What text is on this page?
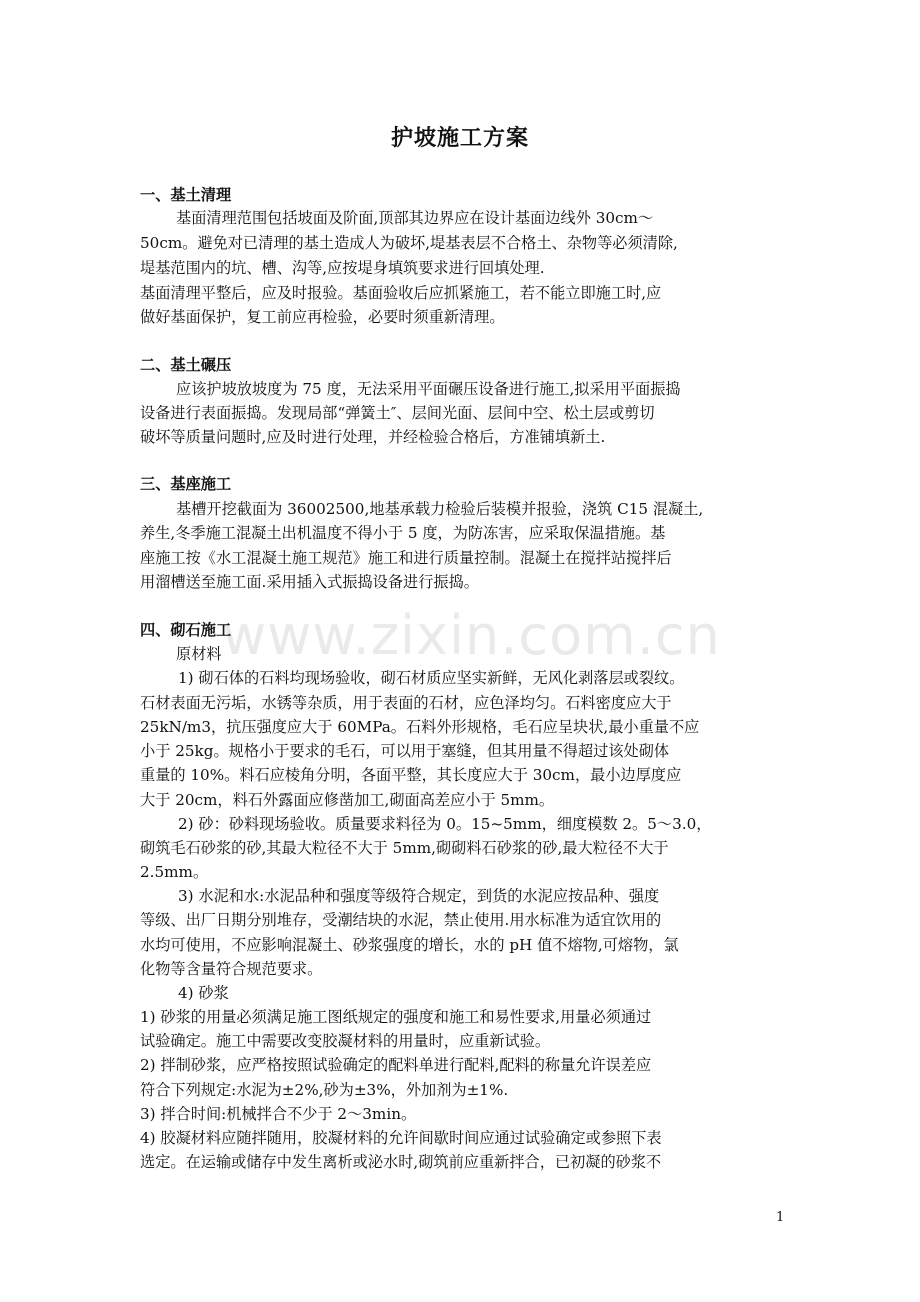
护坡施工方案
www.zixin.com.cn
一、基土清理
基面清理范围包括坡面及阶面,顶部其边界应在设计基面边线外 30cm～
50cm。避免对已清理的基土造成人为破坏,堤基表层不合格土、杂物等必须清除,
堤基范围内的坑、槽、沟等,应按堤身填筑要求进行回填处理.
基面清理平整后，应及时报验。基面验收后应抓紧施工，若不能立即施工时,应
做好基面保护，复工前应再检验，必要时须重新清理。
二、基土碾压
应该护坡放坡度为 75 度，无法采用平面碾压设备进行施工,拟采用平面振捣
设备进行表面振捣。发现局部“弹簧土″、层间光面、层间中空、松土层或剪切
破坏等质量问题时,应及时进行处理，并经检验合格后，方准铺填新土.
三、基座施工
基槽开挖截面为 36002500,地基承载力检验后装模并报验，浇筑 C15 混凝土,
养生,冬季施工混凝土出机温度不得小于 5 度，为防冻害，应采取保温措施。基
座施工按《水工混凝土施工规范》施工和进行质量控制。混凝土在搅拌站搅拌后
用溜槽送至施工面.采用插入式振捣设备进行振捣。
四、砌石施工
原材料
1) 砌石体的石料均现场验收，砌石材质应坚实新鲜，无风化剥落层或裂纹。
石材表面无污垢，水锈等杂质，用于表面的石材，应色泽均匀。石料密度应大于
25kN/m3，抗压强度应大于 60MPa。石料外形规格，毛石应呈块状,最小重量不应
小于 25kg。规格小于要求的毛石，可以用于塞缝，但其用量不得超过该处砌体
重量的 10%。料石应棱角分明，各面平整，其长度应大于 30cm，最小边厚度应
大于 20cm，料石外露面应修凿加工,砌面高差应小于 5mm。
2) 砂：砂料现场验收。质量要求料径为 0。15~5mm，细度模数 2。5～3.0，
砌筑毛石砂浆的砂,其最大粒径不大于 5mm,砌砌料石砂浆的砂,最大粒径不大于
2.5mm。
3) 水泥和水:水泥品种和强度等级符合规定，到货的水泥应按品种、强度
等级、出厂日期分别堆存，受潮结块的水泥，禁止使用.用水标准为适宜饮用的
水均可使用，不应影响混凝土、砂浆强度的增长，水的 pH 值不熔物,可熔物，氯
化物等含量符合规范要求。
4) 砂浆
1) 砂浆的用量必须满足施工图纸规定的强度和施工和易性要求,用量必须通过
试验确定。施工中需要改变胶凝材料的用量时，应重新试验。
2) 拌制砂浆，应严格按照试验确定的配料单进行配料,配料的称量允许误差应
符合下列规定:水泥为±2%,砂为±3%，外加剂为±1%.
3) 拌合时间:机械拌合不少于 2～3min。
4) 胶凝材料应随拌随用，胶凝材料的允许间歇时间应通过试验确定或参照下表
选定。在运输或储存中发生离析或泌水时,砌筑前应重新拌合，已初凝的砂浆不
1
